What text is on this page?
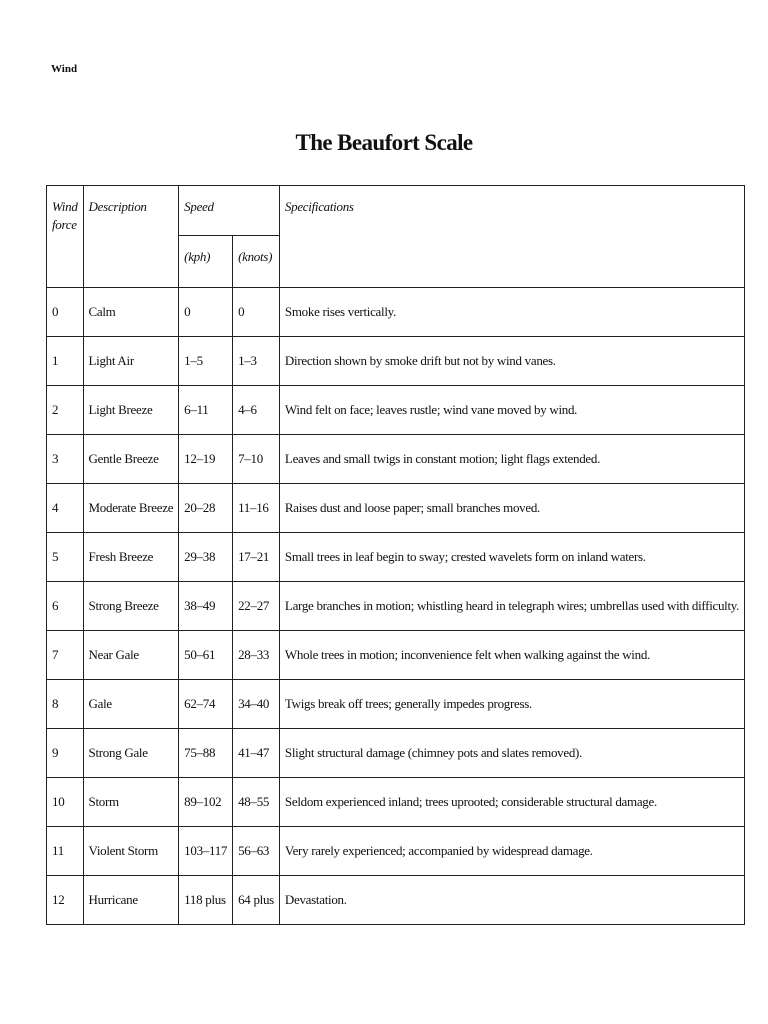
Wind
The Beaufort Scale
Wind force	Description	Speed		Specifications
		(kph)	(knots)	
0	Calm	0	0	Smoke rises vertically.
1	Light Air	1–5	1–3	Direction shown by smoke drift but not by wind vanes.
2	Light Breeze	6–11	4–6	Wind felt on face; leaves rustle; wind vane moved by wind.
3	Gentle Breeze	12–19	7–10	Leaves and small twigs in constant motion; light flags extended.
4	Moderate Breeze	20–28	11–16	Raises dust and loose paper; small branches moved.
5	Fresh Breeze	29–38	17–21	Small trees in leaf begin to sway; crested wavelets form on inland waters.
6	Strong Breeze	38–49	22–27	Large branches in motion; whistling heard in telegraph wires; umbrellas used with difficulty.
7	Near Gale	50–61	28–33	Whole trees in motion; inconvenience felt when walking against the wind.
8	Gale	62–74	34–40	Twigs break off trees; generally impedes progress.
9	Strong Gale	75–88	41–47	Slight structural damage (chimney pots and slates removed).
10	Storm	89–102	48–55	Seldom experienced inland; trees uprooted; considerable structural damage.
11	Violent Storm	103–117	56–63	Very rarely experienced; accompanied by widespread damage.
12	Hurricane	118 plus	64 plus	Devastation.
